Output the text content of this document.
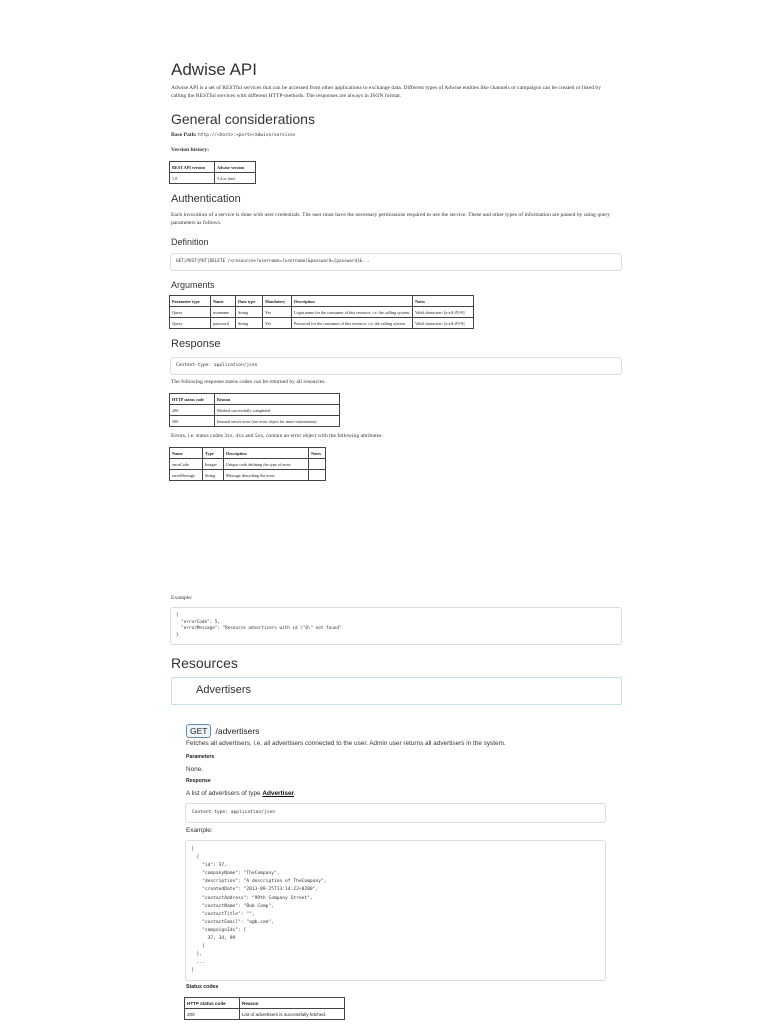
Adwise API
Adwise API is a set of RESTful services that can be accessed from other applications to exchange data. Different types of Adwise entities like channels or campaigns can be created or listed by calling the RESTful services with different HTTP-methods. The responses are always in JSON format.
General considerations
Base Path: http://<host>:<port>/adwise/services
Version history:
REST API version	Adwise version
1.0	5.4 or later
Authentication
Each invocation of a service is done with user credentials. The user must have the necessary permissions required to use the service. These and other types of information are passed by using query parameters as follows.
Definition
GET|POST|PUT|DELETE /<resource>?username={username}&password={password}&...
Arguments
Parameter type	Name	Data type	Mandatory	Description	Notes
Query	username	String	Yes	Login name for the consumer of this resource, i.e. the calling system.	Valid characters: [a-zA-Z0-9]
Query	password	String	Yes	Password for the consumer of this resource, i.e. the calling system.	Valid characters: [a-zA-Z0-9]
Response
Content-type: application/json
The following response status codes can be returned by all resources.
HTTP status code	Reason
200	Method successfully completed.
500	Internal server error (see error object for more information)
Errors, i.e. status codes 3xx, 4xx and 5xx, contain an error object with the following attributes:
Name	Type	Description	Notes
errorCode	Integer	Unique code defining the type of error.	
errorMessage	String	Message describing the error.	
Example:
{
"errorCode": 5,
"errorMessage": "Resource advertisers with id \"0\" not found"
}
Resources
Advertisers
GET /advertisers
Fetches all advertisers, i.e. all advertisers connected to the user. Admin user returns all advertisers in the system.
Parameters
None.
Response
A list of advertisers of type Advertiser.
Content-type: application/json
Example:
[
{
"id": 37,
"companyName": "TheCompany",
"description": "A description of TheCompany",
"createdDate": "2013-09-25T13:14:23+0200",
"contactAddress": "99th Company Street",
"contactName": "Bob Comp",
"contactTitle": "",
"contactEmail": "a@b.com",
"campaignIds": [
37, 34, 99
]
},
...
]
Status codes
HTTP status code	Reason
200	List of advertisers is successfully fetched.
